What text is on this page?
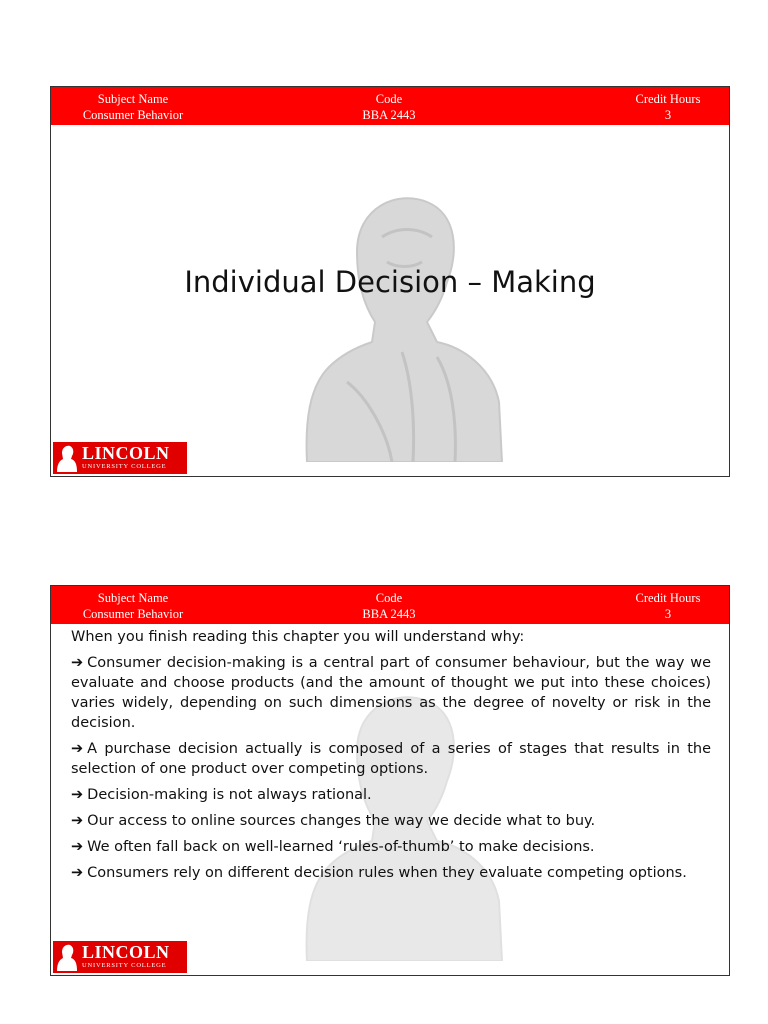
Subject Name
Consumer Behavior
Code
BBA 2443
Credit Hours
3
Individual Decision – Making
LINCOLN
UNIVERSITY COLLEGE
Subject Name
Consumer Behavior
Code
BBA 2443
Credit Hours
3

When you finish reading this chapter you will understand why:

➔ Consumer decision-making is a central part of consumer behaviour, but the way we evaluate and choose products (and the amount of thought we put into these choices) varies widely, depending on such dimensions as the degree of novelty or risk in the decision.
➔ A purchase decision actually is composed of a series of stages that results in the selection of one product over competing options.
➔ Decision-making is not always rational.
➔ Our access to online sources changes the way we decide what to buy.
➔ We often fall back on well-learned ‘rules-of-thumb’ to make decisions.
➔ Consumers rely on different decision rules when they evaluate competing options.
LINCOLN
UNIVERSITY COLLEGE
